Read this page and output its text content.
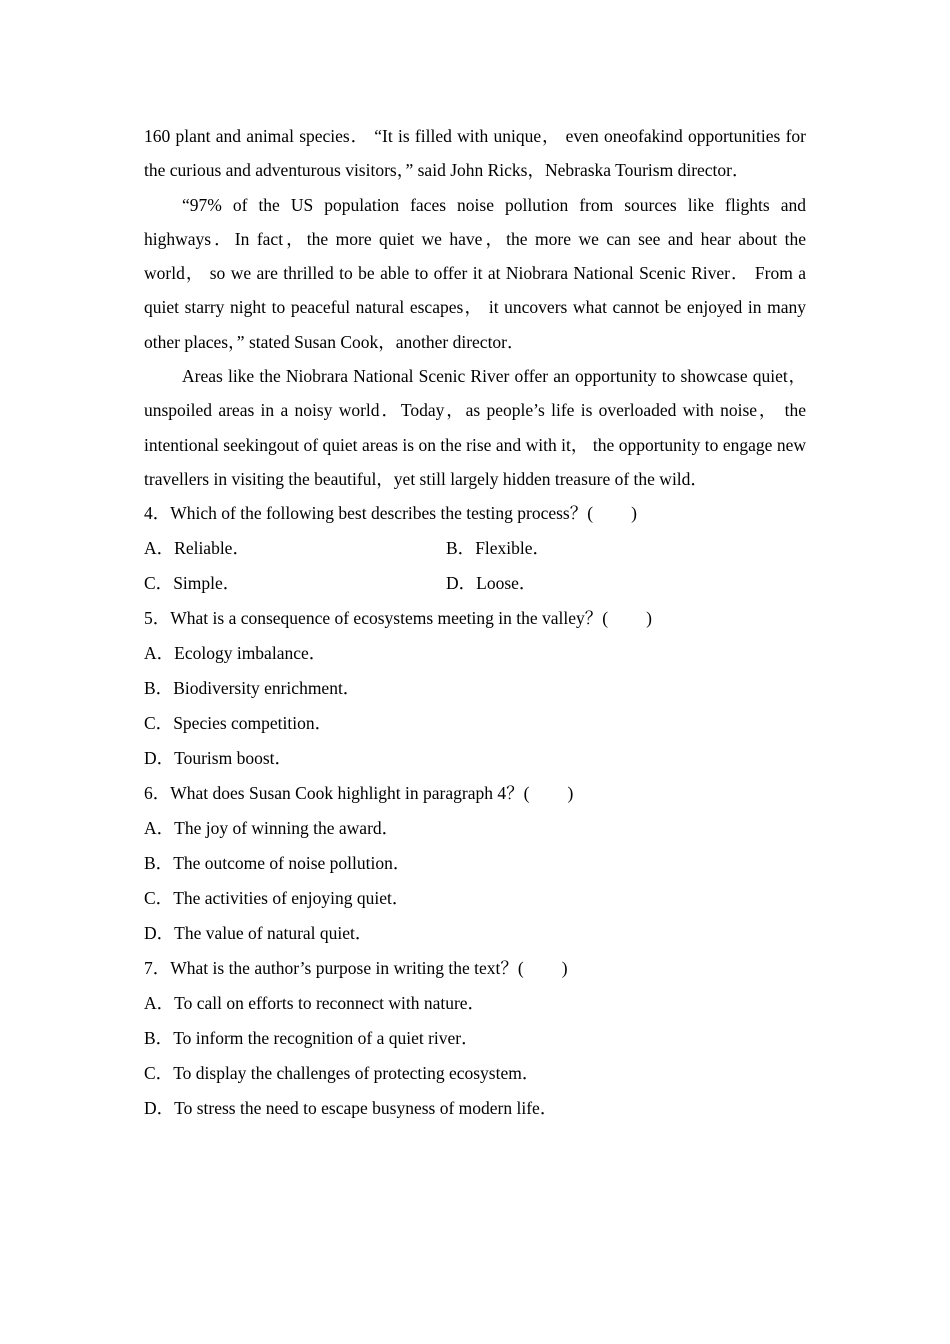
160 plant and animal species． “It is filled with unique， even oneofakind opportunities for the curious and adventurous visitors，” said John Ricks，Nebraska Tourism director．

“97% of the US population faces noise pollution from sources like flights and highways．In fact，the more quiet we have，the more we can see and hear about the world， so we are thrilled to be able to offer it at Niobrara National Scenic River． From a quiet starry night to peaceful natural escapes， it uncovers what cannot be enjoyed in many other places，” stated Susan Cook，another director．

Areas like the Niobrara National Scenic River offer an opportunity to showcase quiet，unspoiled areas in a noisy world．Today，as people’s life is overloaded with noise， the intentional seekingout of quiet areas is on the rise and with it， the opportunity to engage new travellers in visiting the beautiful，yet still largely hidden treasure of the wild．

4．Which of the following best describes the testing process？( )
A．Reliable．	B．Flexible．
C．Simple．	D．Loose．
5．What is a consequence of ecosystems meeting in the valley？( )
A．Ecology imbalance．
B．Biodiversity enrichment．
C．Species competition．
D．Tourism boost．
6．What does Susan Cook highlight in paragraph 4？( )
A．The joy of winning the award．
B．The outcome of noise pollution．
C．The activities of enjoying quiet．
D．The value of natural quiet．
7．What is the author’s purpose in writing the text？( )
A．To call on efforts to reconnect with nature．
B．To inform the recognition of a quiet river．
C．To display the challenges of protecting ecosystem．
D．To stress the need to escape busyness of modern life．
